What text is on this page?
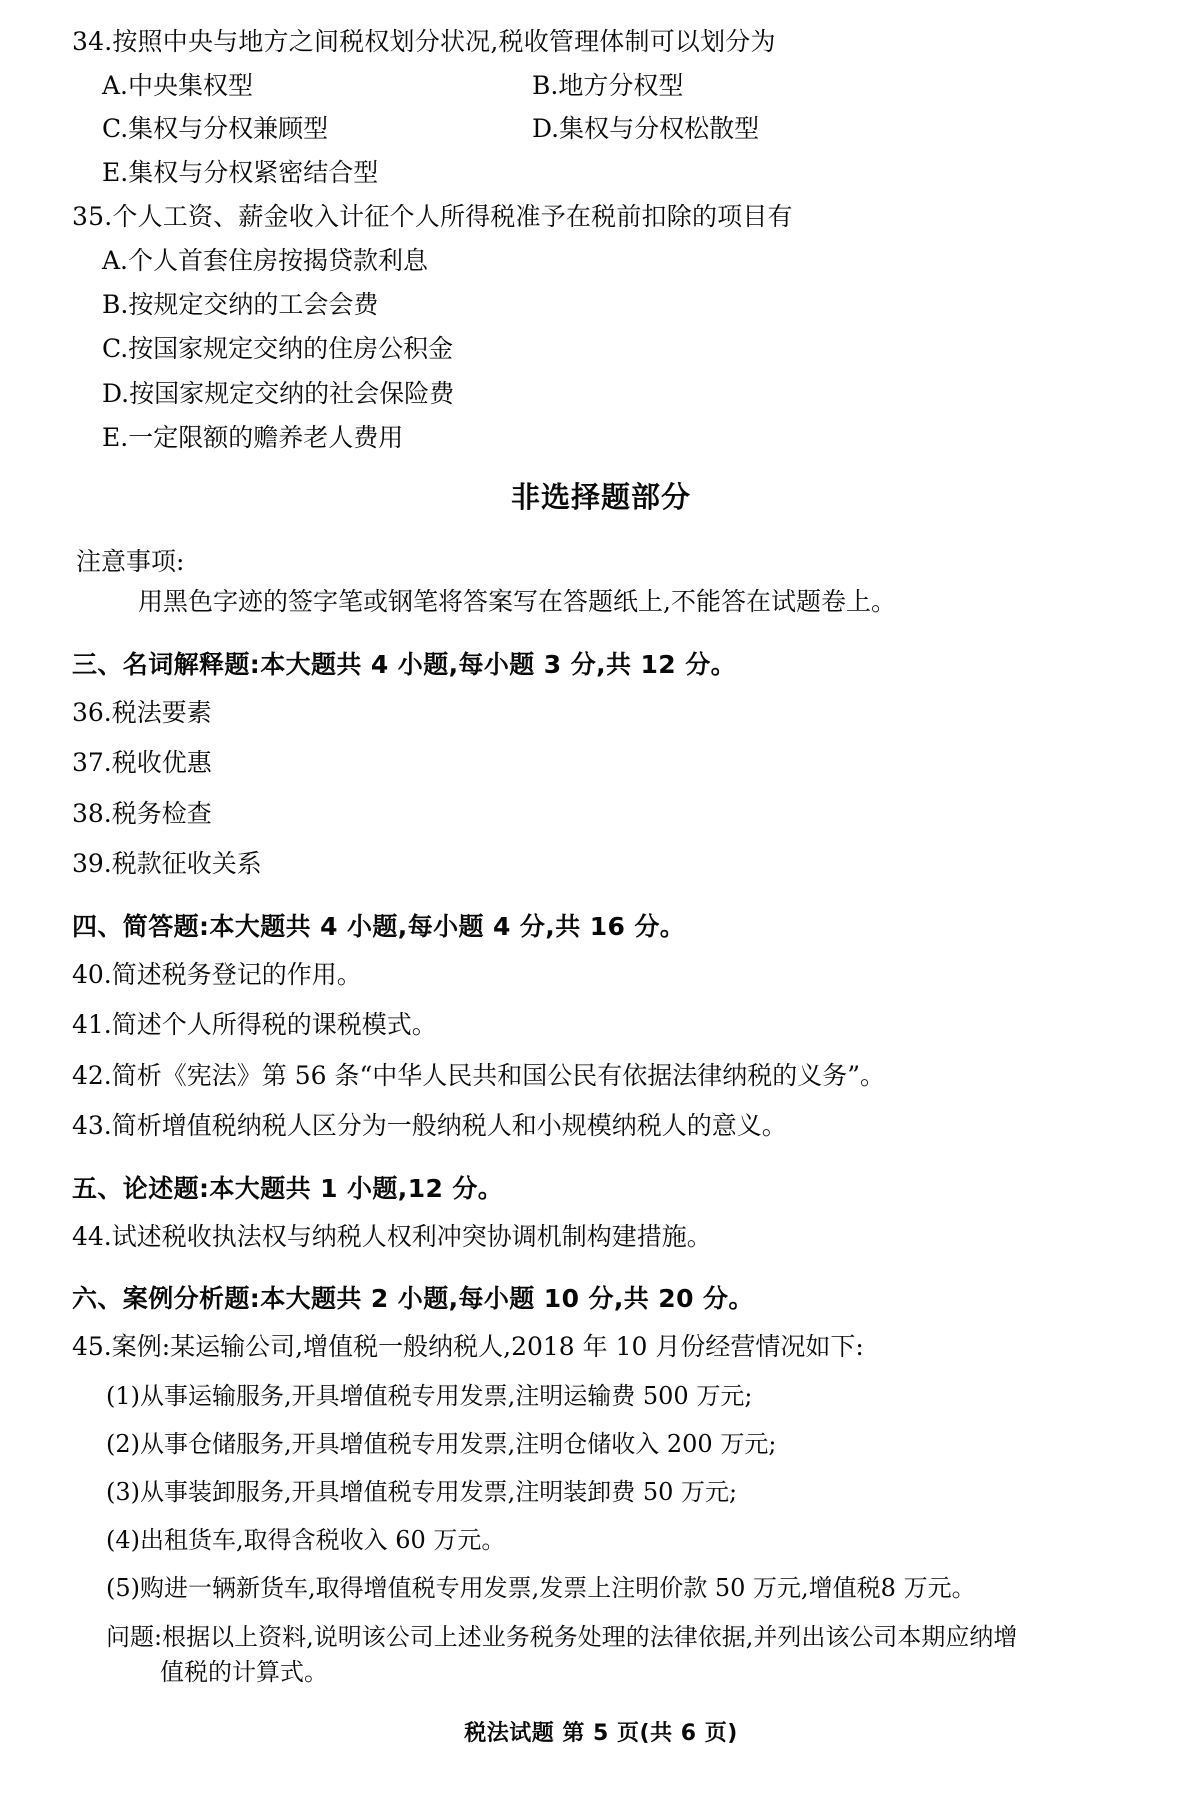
34.按照中央与地方之间税权划分状况,税收管理体制可以划分为
A.中央集权型	B.地方分权型
C.集权与分权兼顾型	D.集权与分权松散型
E.集权与分权紧密结合型
35.个人工资、薪金收入计征个人所得税准予在税前扣除的项目有
A.个人首套住房按揭贷款利息
B.按规定交纳的工会会费
C.按国家规定交纳的住房公积金
D.按国家规定交纳的社会保险费
E.一定限额的赡养老人费用
非选择题部分
注意事项:
用黑色字迹的签字笔或钢笔将答案写在答题纸上,不能答在试题卷上。
三、名词解释题:本大题共 4 小题,每小题 3 分,共 12 分。
36.税法要素
37.税收优惠
38.税务检查
39.税款征收关系
四、简答题:本大题共 4 小题,每小题 4 分,共 16 分。
40.简述税务登记的作用。
41.简述个人所得税的课税模式。
42.简析《宪法》第 56 条“中华人民共和国公民有依据法律纳税的义务”。
43.简析增值税纳税人区分为一般纳税人和小规模纳税人的意义。
五、论述题:本大题共 1 小题,12 分。
44.试述税收执法权与纳税人权利冲突协调机制构建措施。
六、案例分析题:本大题共 2 小题,每小题 10 分,共 20 分。
45.案例:某运输公司,增值税一般纳税人,2018 年 10 月份经营情况如下:
(1)从事运输服务,开具增值税专用发票,注明运输费 500 万元;
(2)从事仓储服务,开具增值税专用发票,注明仓储收入 200 万元;
(3)从事装卸服务,开具增值税专用发票,注明装卸费 50 万元;
(4)出租货车,取得含税收入 60 万元。
(5)购进一辆新货车,取得增值税专用发票,发票上注明价款 50 万元,增值税8 万元。
问题:根据以上资料,说明该公司上述业务税务处理的法律依据,并列出该公司本期应纳增
值税的计算式。
税法试题 第 5 页(共 6 页)
